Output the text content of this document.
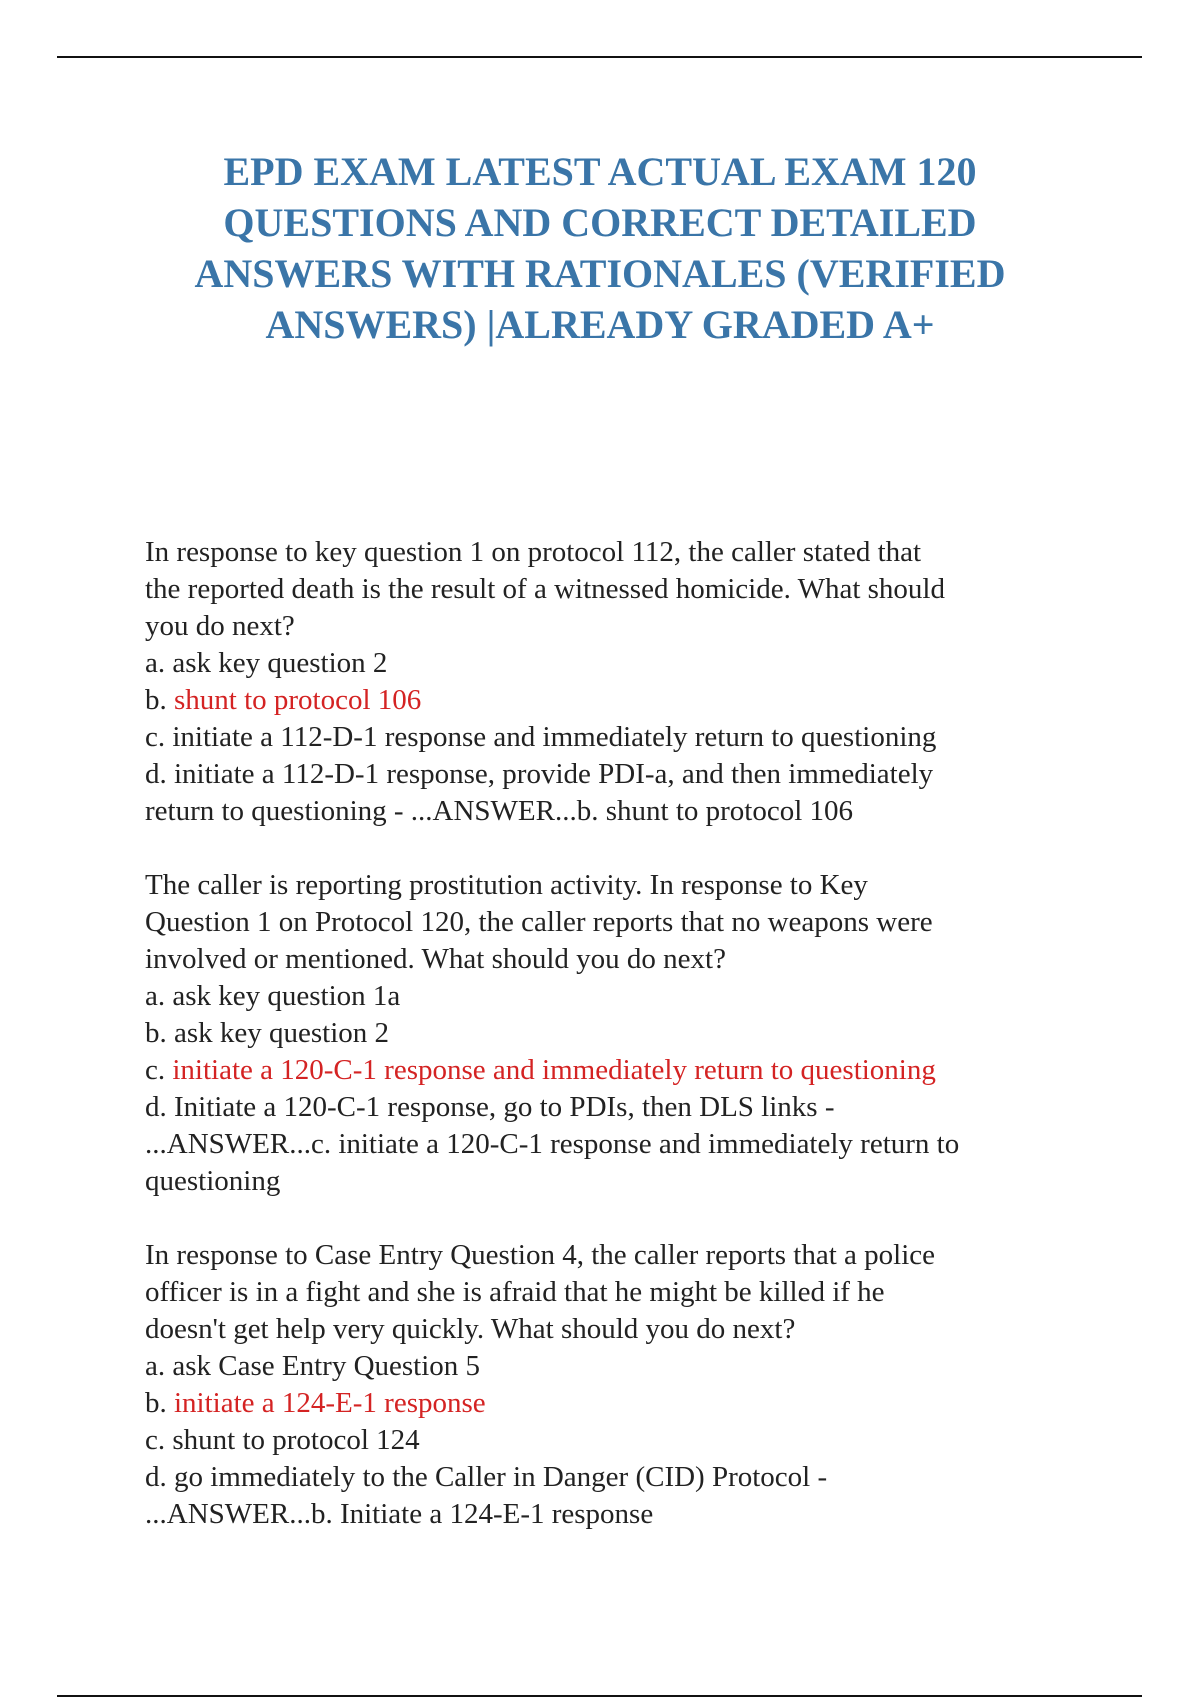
EPD EXAM LATEST ACTUAL EXAM 120
QUESTIONS AND CORRECT DETAILED
ANSWERS WITH RATIONALES (VERIFIED
ANSWERS) |ALREADY GRADED A+
In response to key question 1 on protocol 112, the caller stated that
the reported death is the result of a witnessed homicide. What should
you do next?
a. ask key question 2
b. shunt to protocol 106
c. initiate a 112-D-1 response and immediately return to questioning
d. initiate a 112-D-1 response, provide PDI-a, and then immediately
return to questioning - ...ANSWER...b. shunt to protocol 106
The caller is reporting prostitution activity. In response to Key
Question 1 on Protocol 120, the caller reports that no weapons were
involved or mentioned. What should you do next?
a. ask key question 1a
b. ask key question 2
c. initiate a 120-C-1 response and immediately return to questioning
d. Initiate a 120-C-1 response, go to PDIs, then DLS links -
...ANSWER...c. initiate a 120-C-1 response and immediately return to
questioning
In response to Case Entry Question 4, the caller reports that a police
officer is in a fight and she is afraid that he might be killed if he
doesn't get help very quickly. What should you do next?
a. ask Case Entry Question 5
b. initiate a 124-E-1 response
c. shunt to protocol 124
d. go immediately to the Caller in Danger (CID) Protocol -
...ANSWER...b. Initiate a 124-E-1 response
